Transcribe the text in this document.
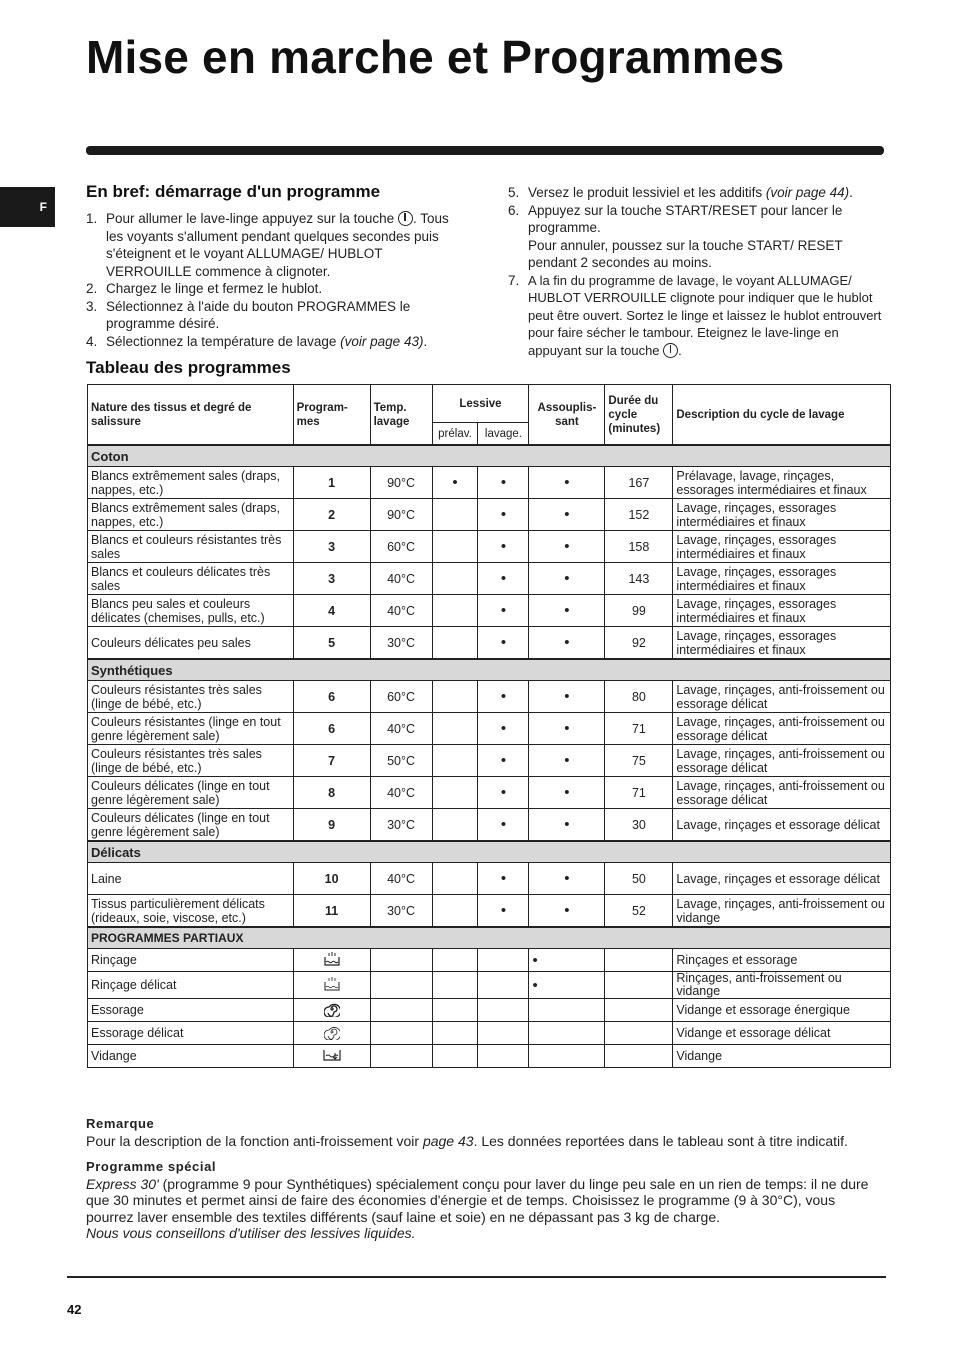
Mise en marche et Programmes
F
En bref: démarrage d'un programme
1. Pour allumer le lave-linge appuyez sur la touche . Tous les voyants s'allument pendant quelques secondes puis s'éteignent et le voyant ALLUMAGE/ HUBLOT VERROUILLE commence à clignoter.
2. Chargez le linge et fermez le hublot.
3. Sélectionnez à l'aide du bouton PROGRAMMES le programme désiré.
4. Sélectionnez la température de lavage (voir page 43).
5. Versez le produit lessiviel et les additifs (voir page 44).
6. Appuyez sur la touche START/RESET pour lancer le programme.
Pour annuler, poussez sur la touche START/ RESET pendant 2 secondes au moins.
7. A la fin du programme de lavage, le voyant ALLUMAGE/ HUBLOT VERROUILLE clignote pour indiquer que le hublot peut être ouvert. Sortez le linge et laissez le hublot entrouvert pour faire sécher le tambour. Eteignez le lave-linge en appuyant sur la touche .
Tableau des programmes
Nature des tissus et degré de salissure	Program- mes	Temp. lavage	Lessive		Assouplis- sant	Durée du cycle (minutes)	Description du cycle de lavage
			prélav.	lavage.			
Coton							
Blancs extrêmement sales (draps, nappes, etc.)	1	90°C	•	•	•	167	Prélavage, lavage, rinçages, essorages intermédiaires et finaux
Blancs extrêmement sales (draps, nappes, etc.)	2	90°C		•	•	152	Lavage, rinçages, essorages intermédiaires et finaux
Blancs et couleurs résistantes très sales	3	60°C		•	•	158	Lavage, rinçages, essorages intermédiaires et finaux
Blancs et couleurs délicates très sales	3	40°C		•	•	143	Lavage, rinçages, essorages intermédiaires et finaux
Blancs peu sales et couleurs délicates (chemises, pulls, etc.)	4	40°C		•	•	99	Lavage, rinçages, essorages intermédiaires et finaux
Couleurs délicates peu sales	5	30°C		•	•	92	Lavage, rinçages, essorages intermédiaires et finaux
Synthétiques							
Couleurs résistantes très sales (linge de bébé, etc.)	6	60°C		•	•	80	Lavage, rinçages, anti-froissement ou essorage délicat
Couleurs résistantes (linge en tout genre légèrement sale)	6	40°C		•	•	71	Lavage, rinçages, anti-froissement ou essorage délicat
Couleurs résistantes très sales (linge de bébé, etc.)	7	50°C		•	•	75	Lavage, rinçages, anti-froissement ou essorage délicat
Couleurs délicates (linge en tout genre légèrement sale)	8	40°C		•	•	71	Lavage, rinçages, anti-froissement ou essorage délicat
Couleurs délicates (linge en tout genre légèrement sale)	9	30°C		•	•	30	Lavage, rinçages et essorage délicat
Délicats							
Laine	10	40°C		•	•	50	Lavage, rinçages et essorage délicat
Tissus particulièrement délicats (rideaux, soie, viscose, etc.)	11	30°C		•	•	52	Lavage, rinçages, anti-froissement ou vidange
PROGRAMMES PARTIAUX							
Rinçage					•		Rinçages et essorage
Rinçage délicat					•		Rinçages, anti-froissement ou vidange
Essorage							Vidange et essorage énergique
Essorage délicat							Vidange et essorage délicat
Vidange							Vidange
Remarque

Pour la description de la fonction anti-froissement voir page 43. Les données reportées dans le tableau sont à titre indicatif.

Programme spécial

Express 30' (programme 9 pour Synthétiques) spécialement conçu pour laver du linge peu sale en un rien de temps: il ne dure que 30 minutes et permet ainsi de faire des économies d'énergie et de temps. Choisissez le programme (9 à 30°C), vous pourrez laver ensemble des textiles différents (sauf laine et soie) en ne dépassant pas 3 kg de charge.
Nous vous conseillons d'utiliser des lessives liquides.

42
